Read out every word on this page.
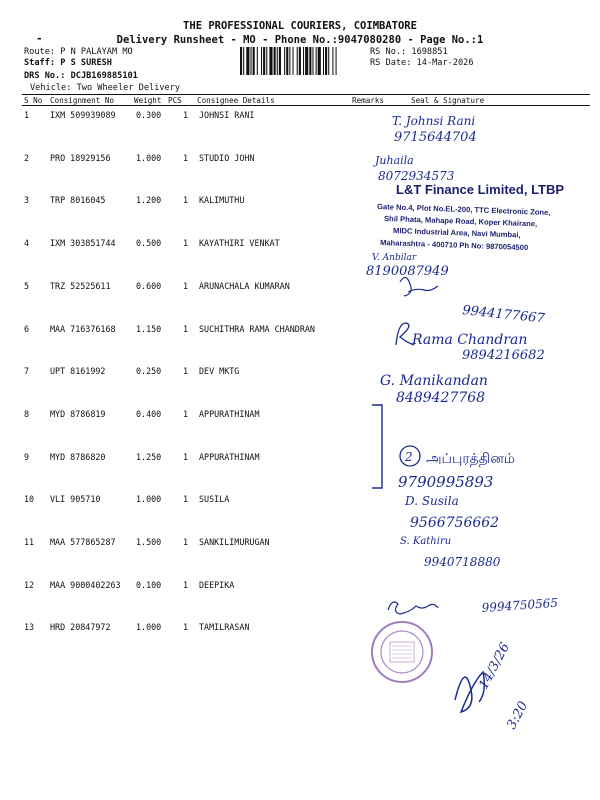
THE PROFESSIONAL COURIERS, COIMBATORE
-	Delivery Runsheet - MO - Phone No.:9047080280 - Page No.:1
Route: P N PALAYAM MO
Staff: P S SURESH
DRS No.: DCJB169885101
Vehicle: Two Wheeler Delivery
RS No.: 1698851
RS Date: 14-Mar-2026
S No Consignment No	Weight PCS Consignee Details	Remarks	Seal & Signature
1 IXM 509939089 0.300	1 JOHNSI RANI
2 PRO 18929156	1.000	1 STUDIO JOHN
3 TRP 8016045	1.200	1 KALIMUTHU
4 IXM 303851744 0.500	1 KAYATHIRI VENKAT
5 TRZ 52525611	0.600	1 ARUNACHALA KUMARAN
6 MAA 716376168 1.150	1 SUCHITHRA RAMA CHANDRAN
7 UPT 8161992	0.250	1 DEV MKTG
8 MYD 8786819	0.400	1 APPURATHINAM
9 MYD 8786820	1.250	1 APPURATHINAM
10 VLI 905710	1.000	1 SUSILA
11 MAA 577865287 1.500	1 SANKILIMURUGAN
12 MAA 9000402263 0.100	1 DEEPIKA
13 HRD 20847972	1.000	1 TAMILRASAN
T. Johnsi Rani
9715644704
Juhaila
8072934573
L&T Finance Limited, LTBP
Gate No.4, Plot No.EL-200, TTC Electronic Zone,
Shil Phata, Mahape Road, Koper Khairane,
MIDC Industrial Area, Navi Mumbai,
Maharashtra - 400710 Ph No: 9870054500
V. Anbilar
8190087949
9944177667
Rama Chandran
9894216682
G. Manikandan
8489427768
2 அப்புரத்தினம்
9790995893
D. Susila
9566756662
S. Kathiru
9940718880
9994750565
14/3/26
3:20
